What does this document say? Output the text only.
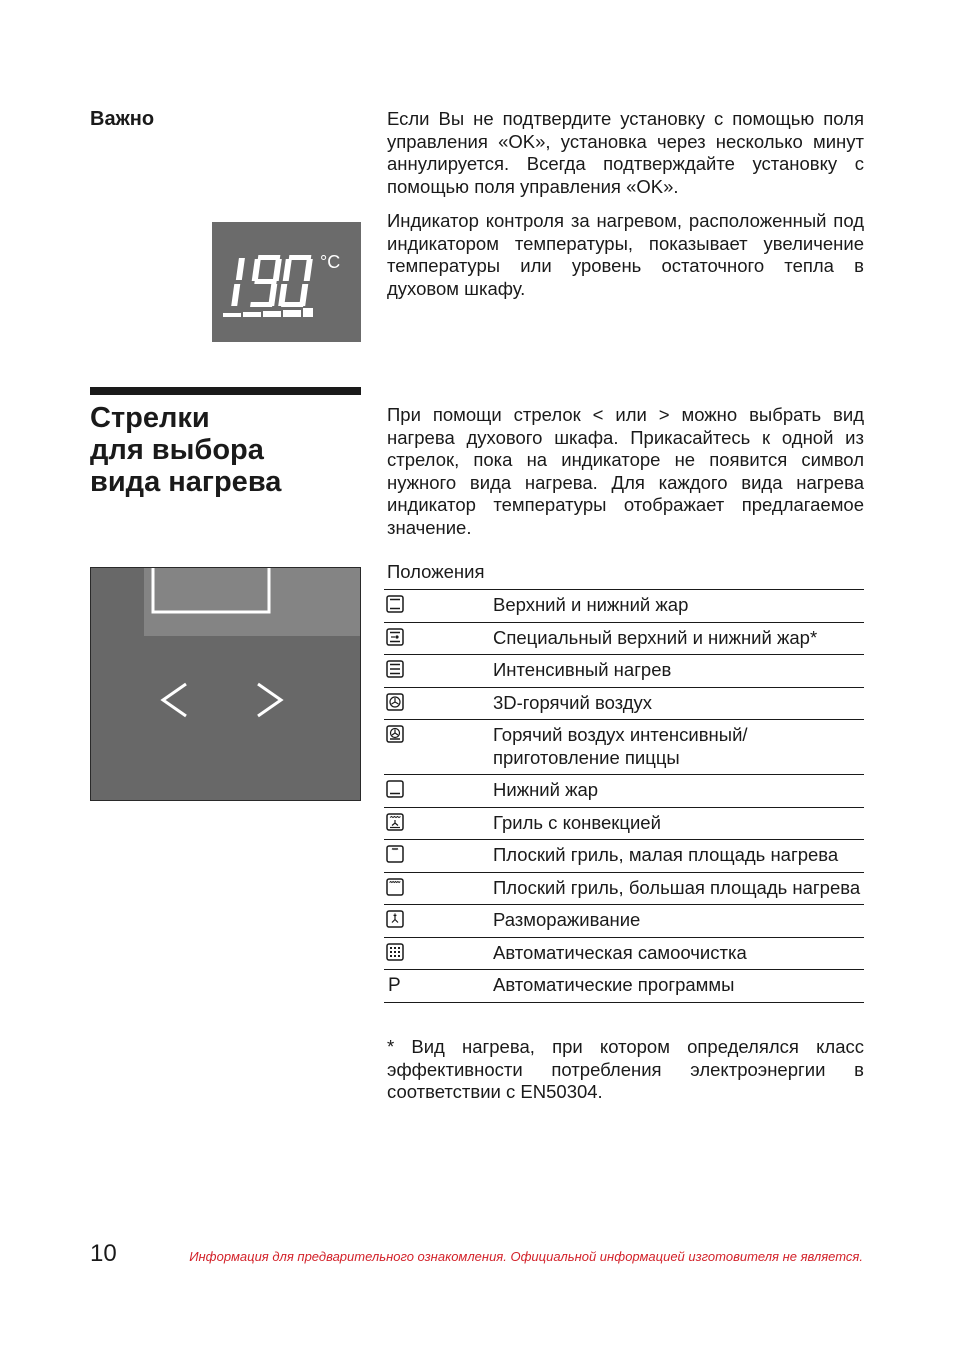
Важно	Если Вы не подтвердите установку с помощью поля управления «OK», установка через несколько минут аннулируется. Всегда подтверждайте установку с помощью поля управления «OK».
Индикатор контроля за нагревом, расположенный под индикатором температуры, показывает увеличение температуры или уровень остаточного тепла в духовом шкафу.
°C
Стрелки
для выбора
вида нагрева
При помощи стрелок < или > можно выбрать вид нагрева духового шкафа. Прикасайтесь к одной из стрелок, пока на индикаторе не появится символ нужного вида нагрева. Для каждого вида нагрева индикатор температуры отображает предлагаемое значение.
Положения
	Верхний и нижний жар

	Специальный верхний и нижний жар*

	Интенсивный нагрев

	3D-горячий воздух

	Горячий воздух интенсивный/ приготовление пиццы

	Нижний жар

	Гриль с конвекцией

	Плоский гриль, малая площадь нагрева

	Плоский гриль, большая площадь нагрева

	Размораживание

	Автоматическая самоочистка

P	Автоматические программы
* Вид нагрева, при котором определялся класс эффективности потребления электроэнергии в соответствии с EN50304.
10	Информация для предварительного ознакомления. Официальной информацией изготовителя не является.
